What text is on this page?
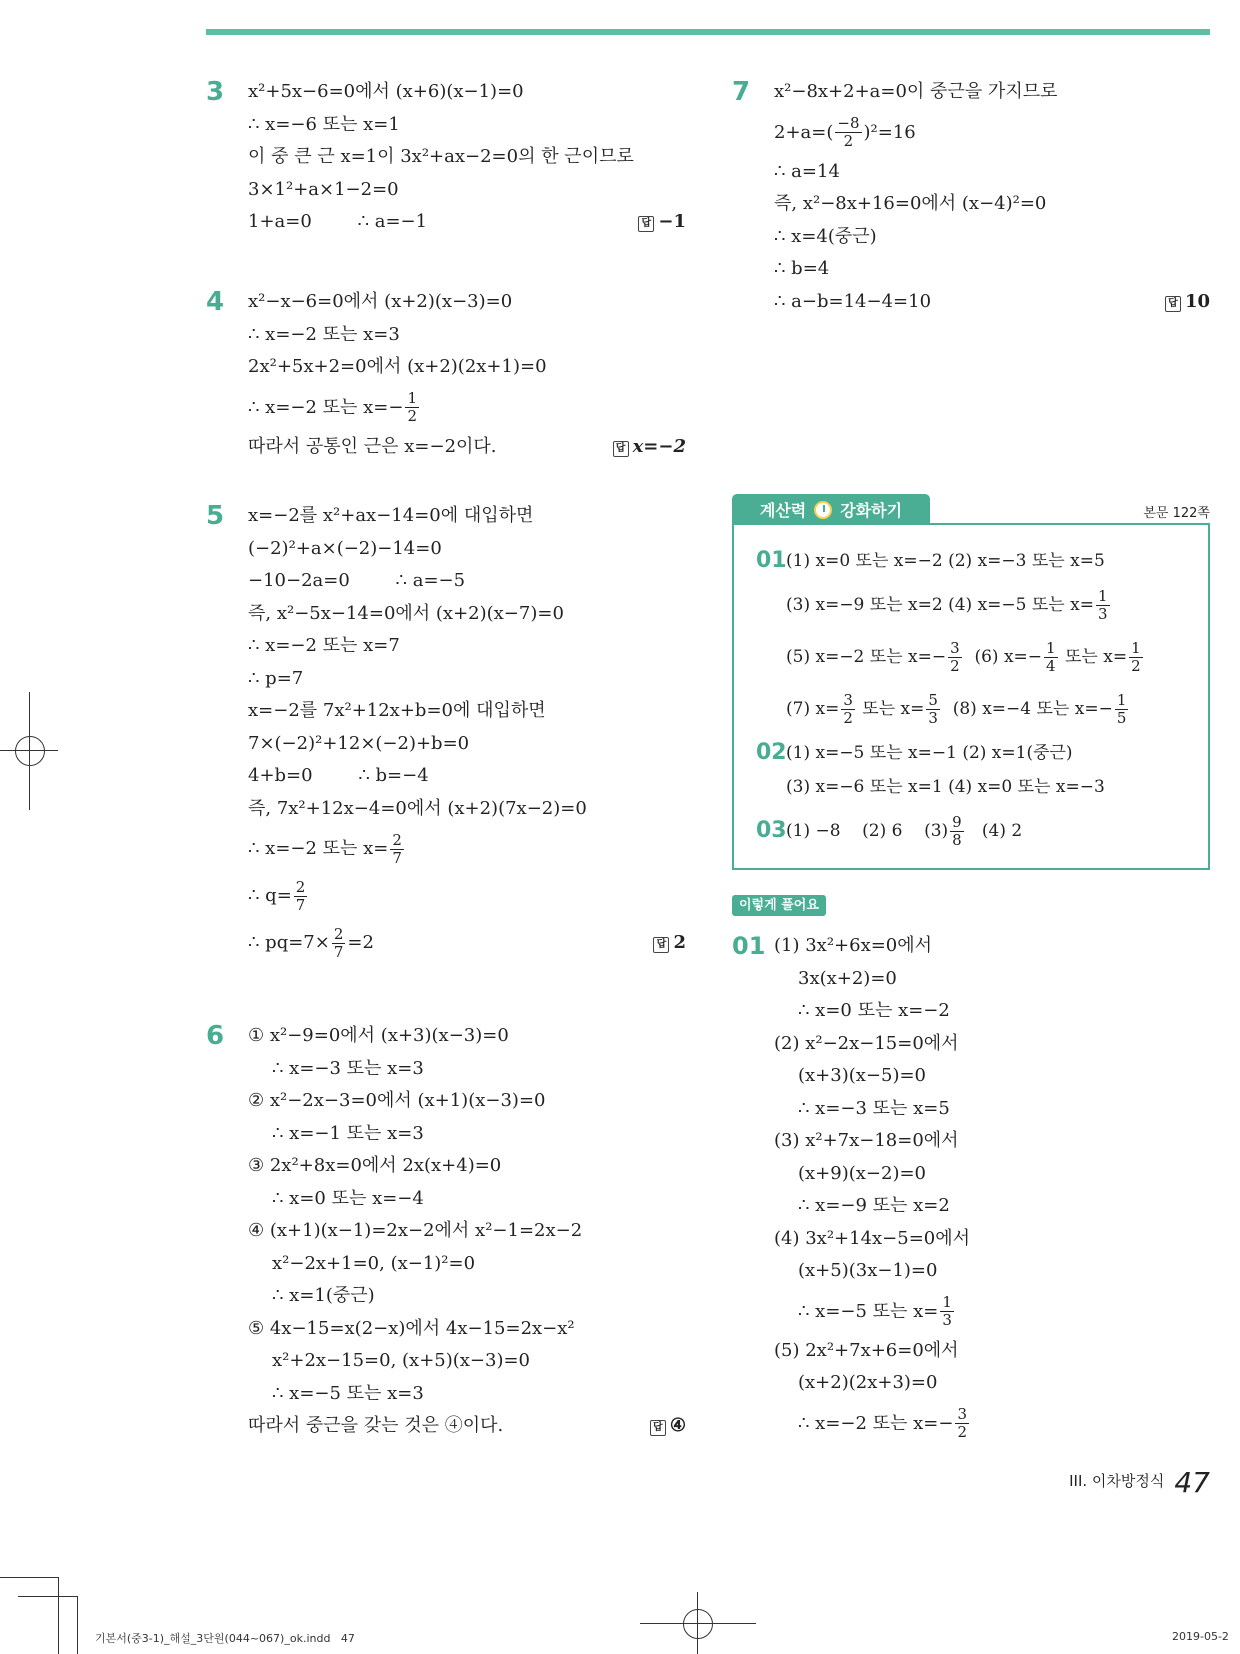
3 x²+5x−6=0에서 (x+6)(x−1)=0
∴ x=−6 또는 x=1
이 중 큰 근 x=1이 3x²+ax−2=0의 한 근이므로
3×1²+a×1−2=0
1+a=0        ∴ a=−1	답 −1
4 x²−x−6=0에서 (x+2)(x−3)=0
∴ x=−2 또는 x=3
2x²+5x+2=0에서 (x+2)(2x+1)=0
∴ x=−2 또는 $x=- \frac{1}{2}$
따라서 공통인 근은 x=−2이다.	답 x=−2
5 x=−2를 x²+ax−14=0에 대입하면
(−2)²+a×(−2)−14=0
−10−2a=0        ∴ a=−5
즉, x²−5x−14=0에서 (x+2)(x−7)=0
∴ x=−2 또는 x=7
∴ p=7
x=−2를 7x²+12x+b=0에 대입하면
7×(−2)²+12×(−2)+b=0
4+b=0        ∴ b=−4
즉, 7x²+12x−4=0에서 (x+2)(7x−2)=0
∴ x=−2 또는 $x= \frac{2}{7}$
∴ $q= \frac{2}{7}$
∴ $pq=7\times \frac{2}{7} =2$	답 2
6 ① x²−9=0에서 (x+3)(x−3)=0
∴ x=−3 또는 x=3
② x²−2x−3=0에서 (x+1)(x−3)=0
∴ x=−1 또는 x=3
③ 2x²+8x=0에서 2x(x+4)=0
∴ x=0 또는 x=−4
④ (x+1)(x−1)=2x−2에서 x²−1=2x−2
x²−2x+1=0, (x−1)²=0
∴ x=1(중근)
⑤ 4x−15=x(2−x)에서 4x−15=2x−x²
x²+2x−15=0, (x+5)(x−3)=0
∴ x=−5 또는 x=3
따라서 중근을 갖는 것은 ④이다.	답 ④
7 x²−8x+2+a=0이 중근을 가지므로
$2+a=( \frac{-8}{2} )^2=16$
∴ a=14
즉, x²−8x+16=0에서 (x−4)²=0
∴ x=4(중근)
∴ b=4
∴ a−b=14−4=10	답 10
계산력 강화하기	본문 122쪽
01 (1) x=0 또는 x=−2 (2) x=−3 또는 x=5
(3) x=−9 또는 x=2 (4) x=−5 또는 $x= \frac{1}{3}$
(5) x=−2 또는 $x=- \frac{3}{2} (6)$ $x=- \frac{1}{4}$ 또는 $x= \frac{1}{2}$
(7) $x= \frac{3}{2}$ 또는 $x= \frac{5}{3} (8)$ x=−4 또는 $x=- \frac{1}{5}$
02 (1) x=−5 또는 x=−1 (2) x=1(중근)
(3) x=−6 또는 x=1 (4) x=0 또는 x=−3
03 (1) −8    (2) 6    $(3) \frac{9}{8} (4)$ 2
이렇게 풀어요
01 (1) 3x²+6x=0에서
3x(x+2)=0
∴ x=0 또는 x=−2
(2) x²−2x−15=0에서
(x+3)(x−5)=0
∴ x=−3 또는 x=5
(3) x²+7x−18=0에서
(x+9)(x−2)=0
∴ x=−9 또는 x=2
(4) 3x²+14x−5=0에서
(x+5)(3x−1)=0
∴ x=−5 또는 $x= \frac{1}{3}$
(5) 2x²+7x+6=0에서
(x+2)(2x+3)=0
∴ x=−2 또는 $x=- \frac{3}{2}$
III. 이차방정식 47
기본서(중3-1)_해설_3단원(044~067)_ok.indd   47	2019-05-2
